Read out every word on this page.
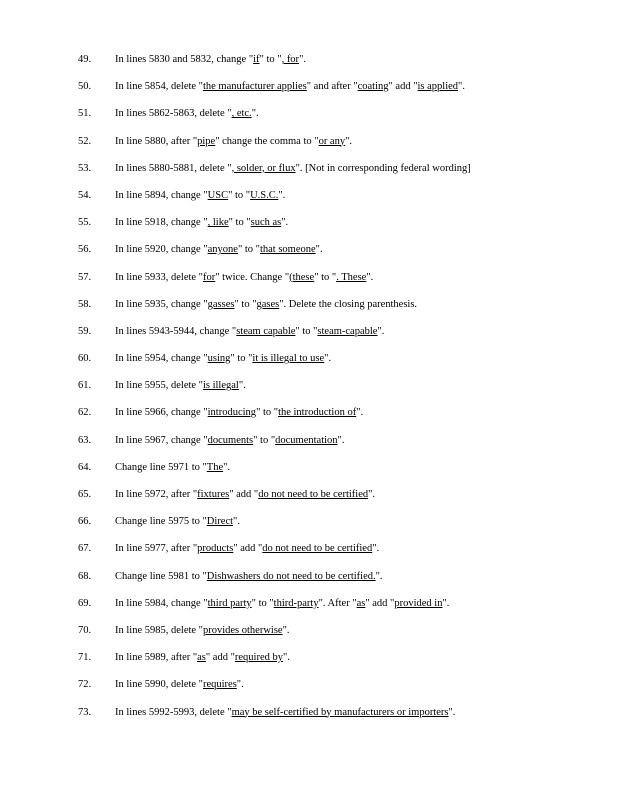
49. In lines 5830 and 5832, change "if" to ", for".
50. In line 5854, delete "the manufacturer applies" and after "coating" add "is applied".
51. In lines 5862-5863, delete ", etc.".
52. In line 5880, after "pipe" change the comma to "or any".
53. In lines 5880-5881, delete ", solder, or flux". [Not in corresponding federal wording]
54. In line 5894, change "USC" to "U.S.C.".
55. In line 5918, change ", like" to "such as".
56. In line 5920, change "anyone" to "that someone".
57. In line 5933, delete "for" twice. Change "(these" to ". These".
58. In line 5935, change "gasses" to "gases". Delete the closing parenthesis.
59. In lines 5943-5944, change "steam capable" to "steam-capable".
60. In line 5954, change "using" to "it is illegal to use".
61. In line 5955, delete "is illegal".
62. In line 5966, change "introducing" to "the introduction of".
63. In line 5967, change "documents" to "documentation".
64. Change line 5971 to "The".
65. In line 5972, after "fixtures" add "do not need to be certified".
66. Change line 5975 to "Direct".
67. In line 5977, after "products" add "do not need to be certified".
68. Change line 5981 to "Dishwashers do not need to be certified.".
69. In line 5984, change "third party" to "third-party". After "as" add "provided in".
70. In line 5985, delete "provides otherwise".
71. In line 5989, after "as" add "required by".
72. In line 5990, delete "requires".
73. In lines 5992-5993, delete "may be self-certified by manufacturers or importers".
